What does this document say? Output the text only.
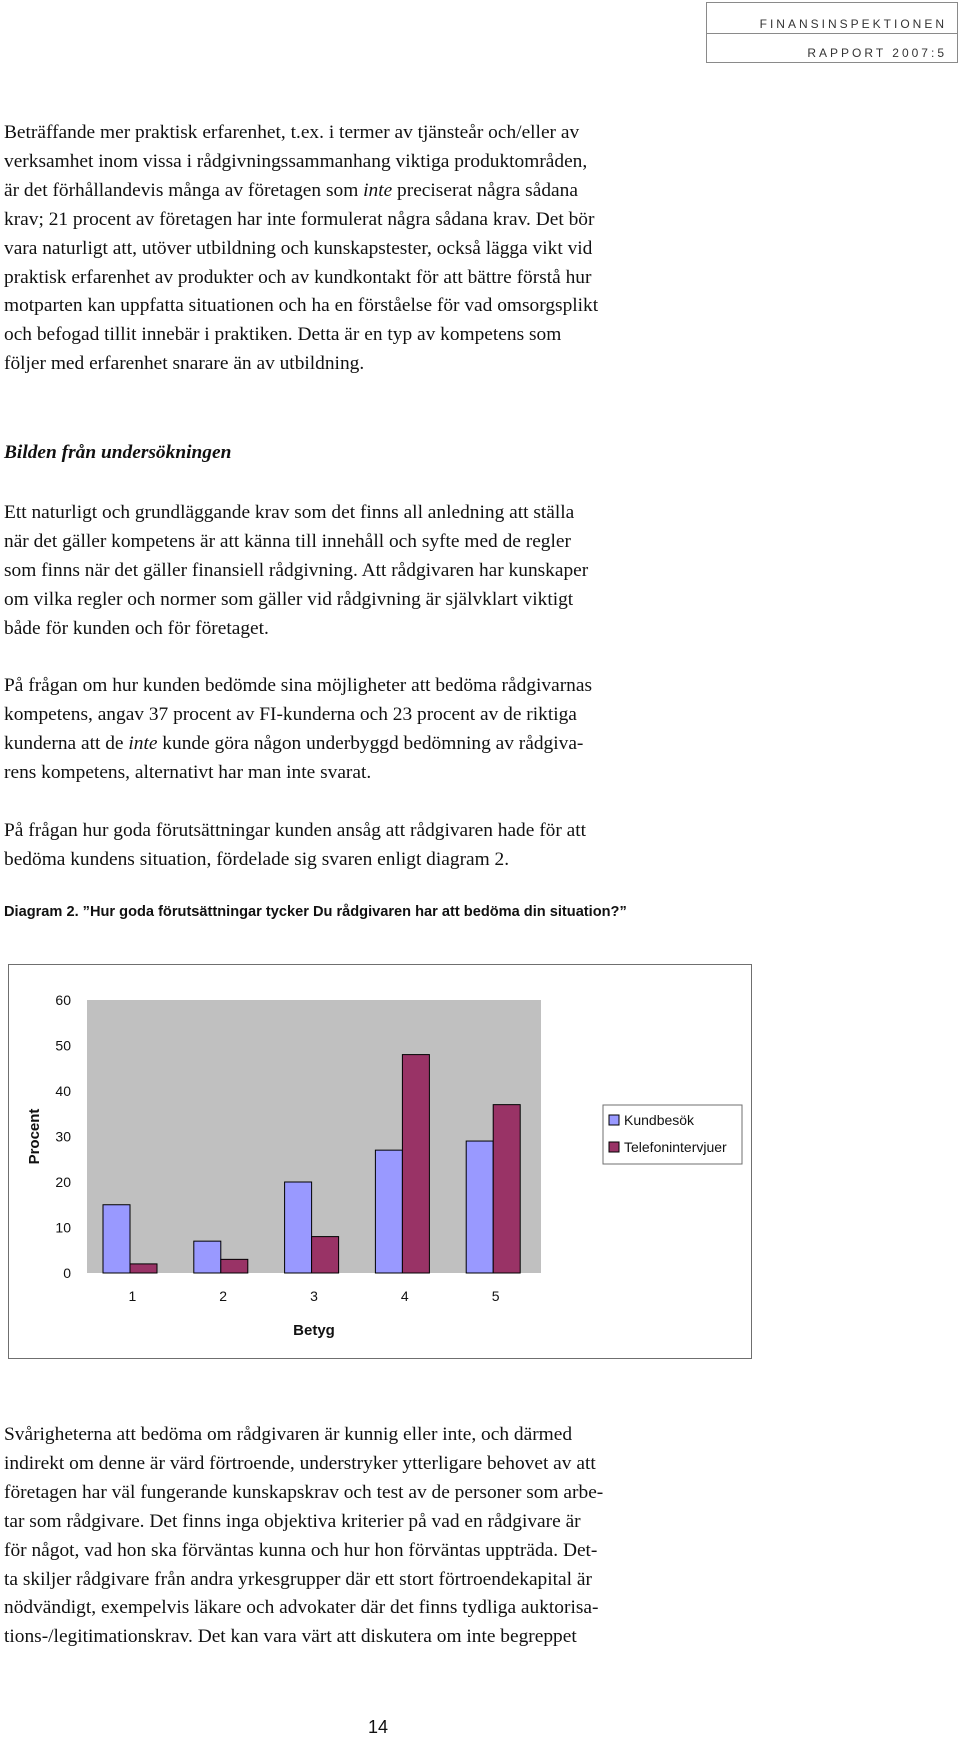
FINANSINSPEKTIONEN
RAPPORT 2007:5

Beträffande mer praktisk erfarenhet, t.ex. i termer av tjänsteår och/eller av
verksamhet inom vissa i rådgivningssammanhang viktiga produktområden,
är det förhållandevis många av företagen som inte preciserat några sådana
krav; 21 procent av företagen har inte formulerat några sådana krav. Det bör
vara naturligt att, utöver utbildning och kunskapstester, också lägga vikt vid
praktisk erfarenhet av produkter och av kundkontakt för att bättre förstå hur
motparten kan uppfatta situationen och ha en förståelse för vad omsorgsplikt
och befogad tillit innebär i praktiken. Detta är en typ av kompetens som
följer med erfarenhet snarare än av utbildning.

Bilden från undersökningen

Ett naturligt och grundläggande krav som det finns all anledning att ställa
när det gäller kompetens är att känna till innehåll och syfte med de regler
som finns när det gäller finansiell rådgivning. Att rådgivaren har kunskaper
om vilka regler och normer som gäller vid rådgivning är självklart viktigt
både för kunden och för företaget.

På frågan om hur kunden bedömde sina möjligheter att bedöma rådgivarnas
kompetens, angav 37 procent av FI-kunderna och 23 procent av de riktiga
kunderna att de inte kunde göra någon underbyggd bedömning av rådgiva-
rens kompetens, alternativt har man inte svarat.

På frågan hur goda förutsättningar kunden ansåg att rådgivaren hade för att
bedöma kundens situation, fördelade sig svaren enligt diagram 2.

Diagram 2. ”Hur goda förutsättningar tycker Du rådgivaren har att bedöma din situation?”

0
10
20
30
40
50
60
Procent
1	2	3	4	5
Betyg
Kundbesök
Telefonintervjuer

Svårigheterna att bedöma om rådgivaren är kunnig eller inte, och därmed
indirekt om denne är värd förtroende, understryker ytterligare behovet av att
företagen har väl fungerande kunskapskrav och test av de personer som arbe-
tar som rådgivare. Det finns inga objektiva kriterier på vad en rådgivare är
för något, vad hon ska förväntas kunna och hur hon förväntas uppträda. Det-
ta skiljer rådgivare från andra yrkesgrupper där ett stort förtroendekapital är
nödvändigt, exempelvis läkare och advokater där det finns tydliga auktorisa-
tions-/legitimationskrav. Det kan vara värt att diskutera om inte begreppet

14
